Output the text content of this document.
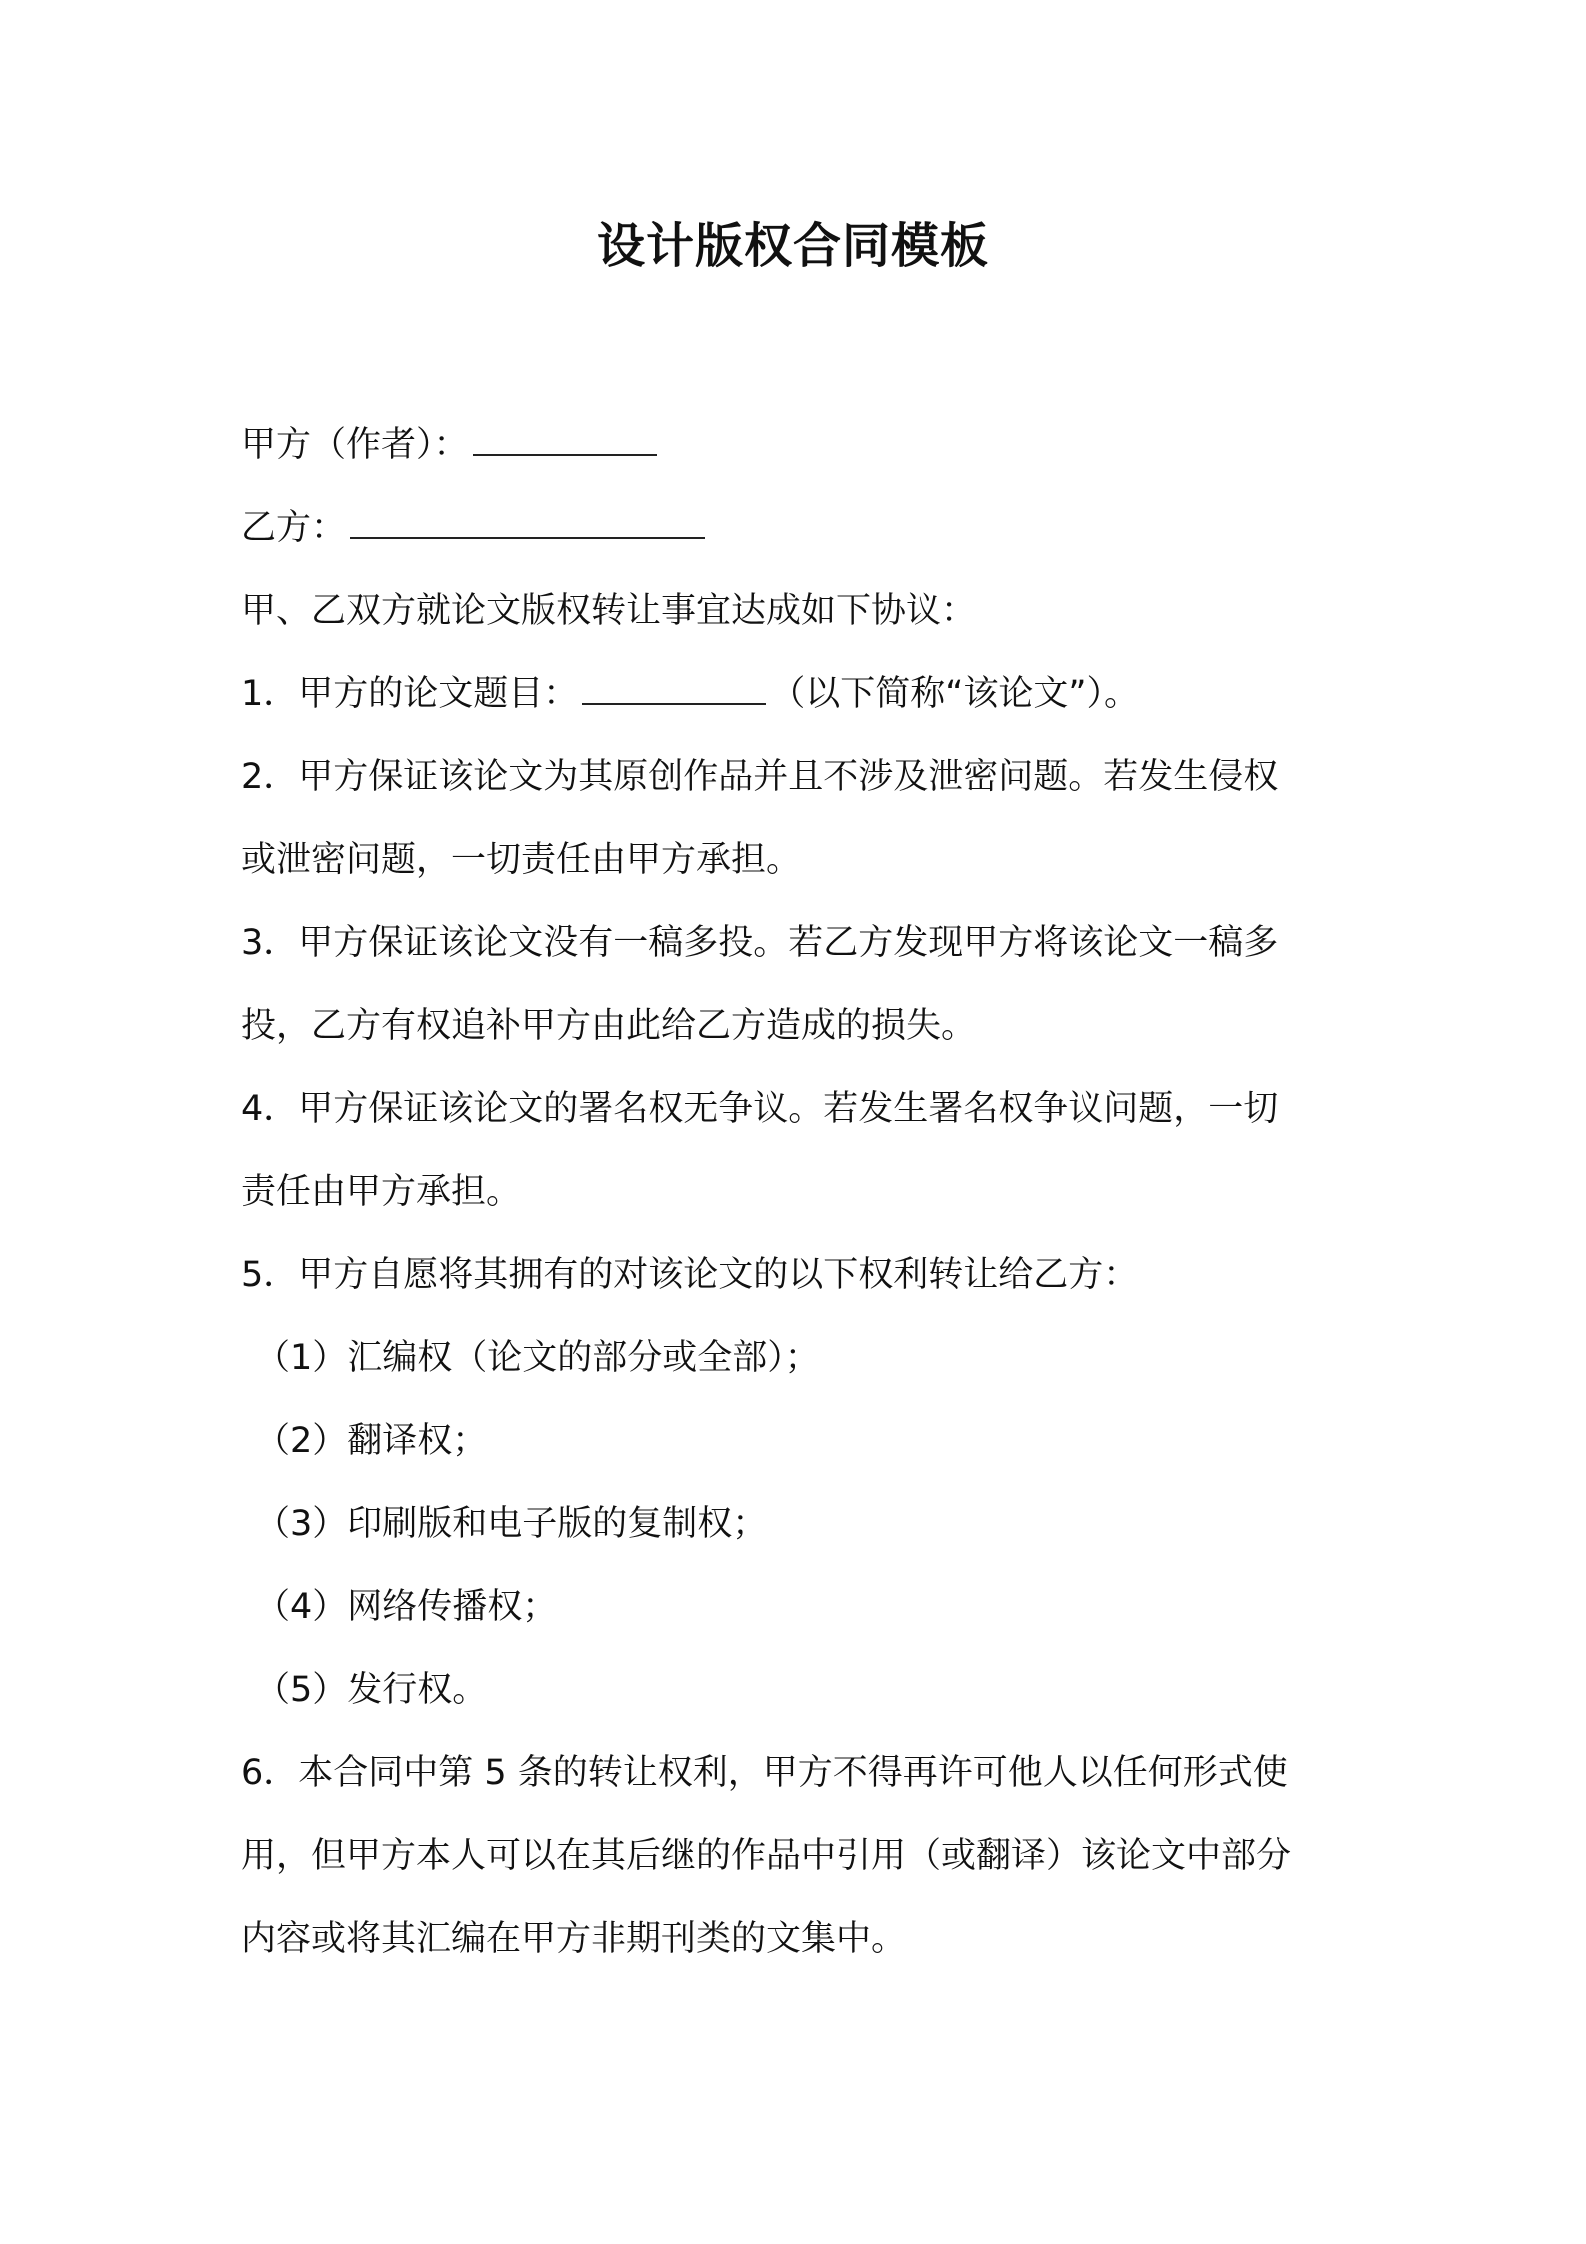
设计版权合同模板
甲方（作者）：
乙方：
甲、乙双方就论文版权转让事宜达成如下协议：
1．甲方的论文题目：	（以下简称“该论文”）。
2．甲方保证该论文为其原创作品并且不涉及泄密问题。若发生侵权
或泄密问题，一切责任由甲方承担。
3．甲方保证该论文没有一稿多投。若乙方发现甲方将该论文一稿多
投，乙方有权追补甲方由此给乙方造成的损失。
4．甲方保证该论文的署名权无争议。若发生署名权争议问题，一切
责任由甲方承担。
5．甲方自愿将其拥有的对该论文的以下权利转让给乙方：
（1）汇编权（论文的部分或全部）；
（2）翻译权；
（3）印刷版和电子版的复制权；
（4）网络传播权；
（5）发行权。
6．本合同中第 5 条的转让权利，甲方不得再许可他人以任何形式使
用，但甲方本人可以在其后继的作品中引用（或翻译）该论文中部分
内容或将其汇编在甲方非期刊类的文集中。
